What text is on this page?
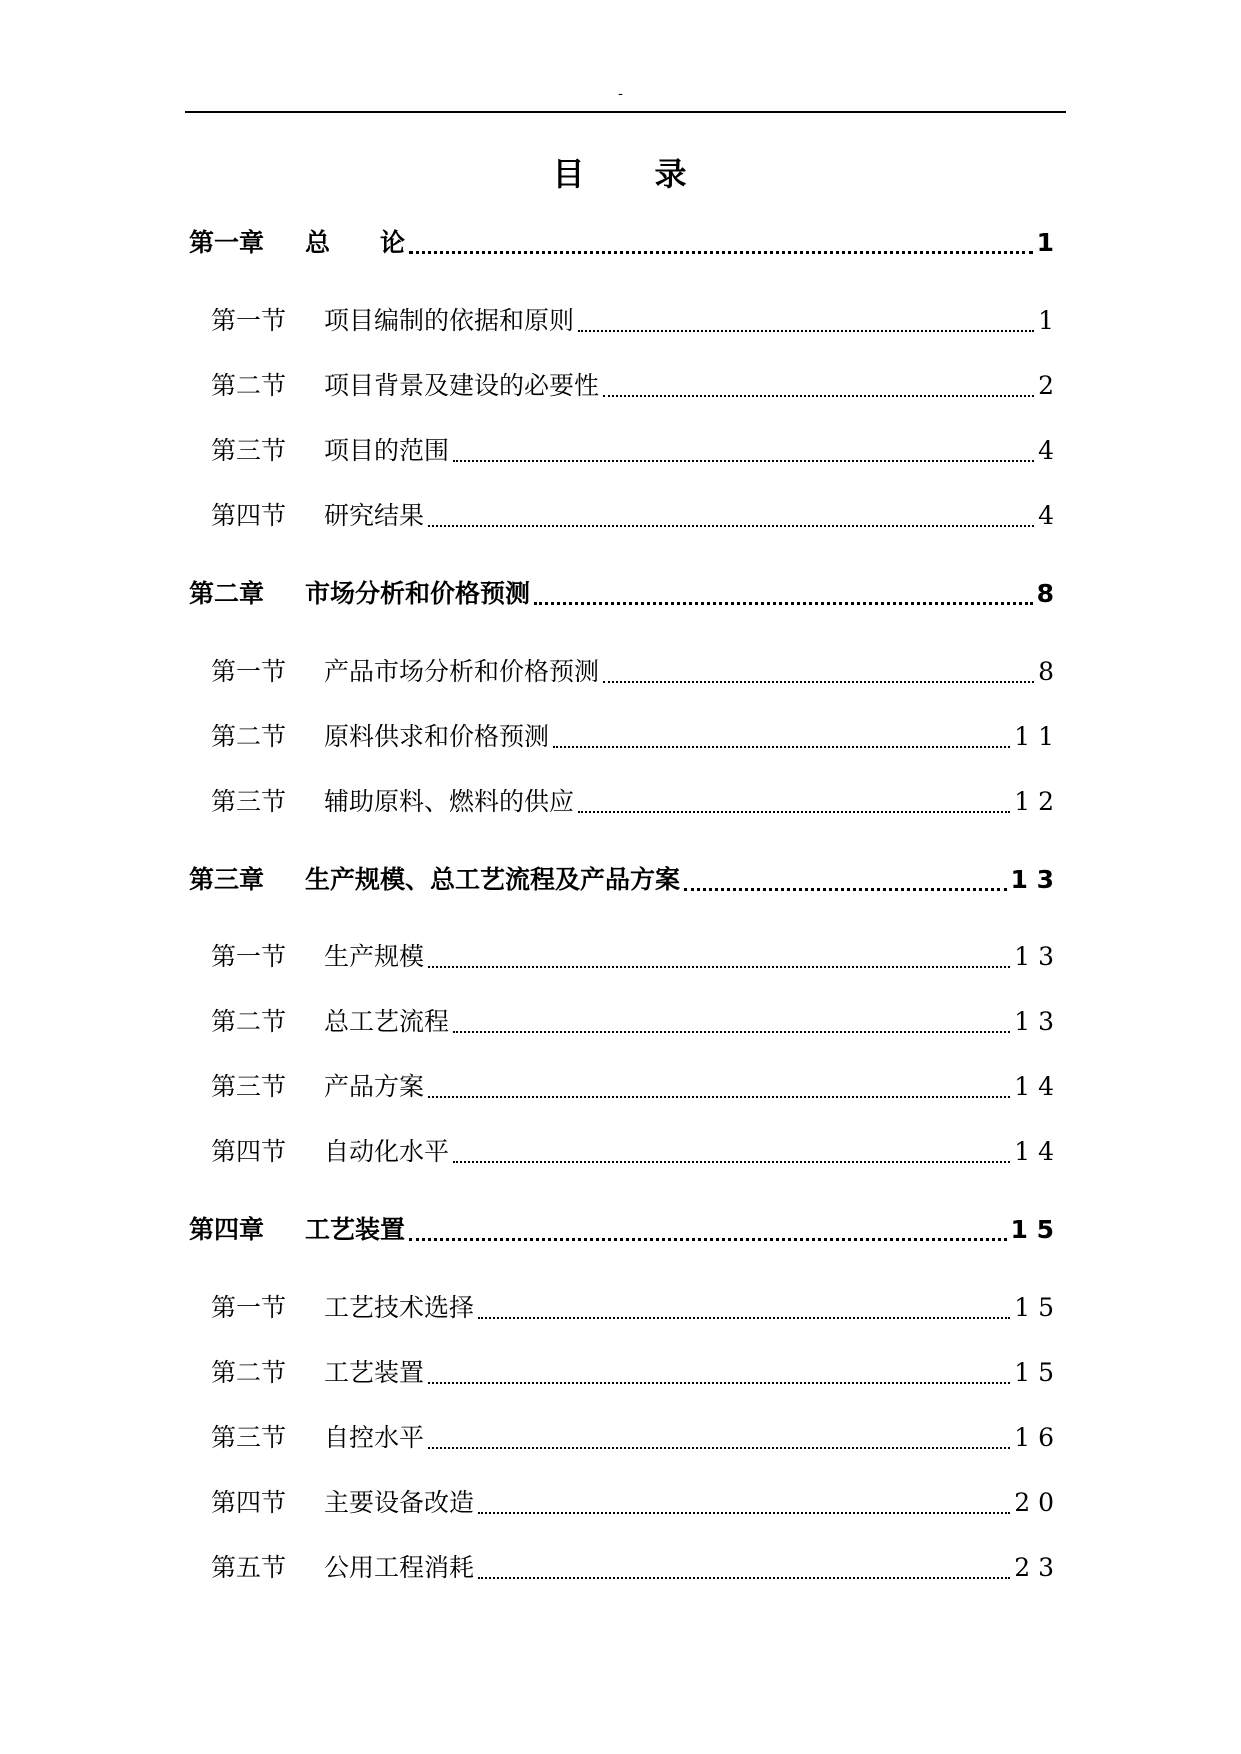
-
目　　录
第一章	总　　论	1
第一节	项目编制的依据和原则	1
第二节	项目背景及建设的必要性	2
第三节	项目的范围	4
第四节	研究结果	4
第二章	市场分析和价格预测	8
第一节	产品市场分析和价格预测	8
第二节	原料供求和价格预测	1 1
第三节	辅助原料、燃料的供应	1 2
第三章	生产规模、总工艺流程及产品方案	1 3
第一节	生产规模	1 3
第二节	总工艺流程	1 3
第三节	产品方案	1 4
第四节	自动化水平	1 4
第四章	工艺装置	1 5
第一节	工艺技术选择	1 5
第二节	工艺装置	1 5
第三节	自控水平	1 6
第四节	主要设备改造	2 0
第五节	公用工程消耗	2 3
